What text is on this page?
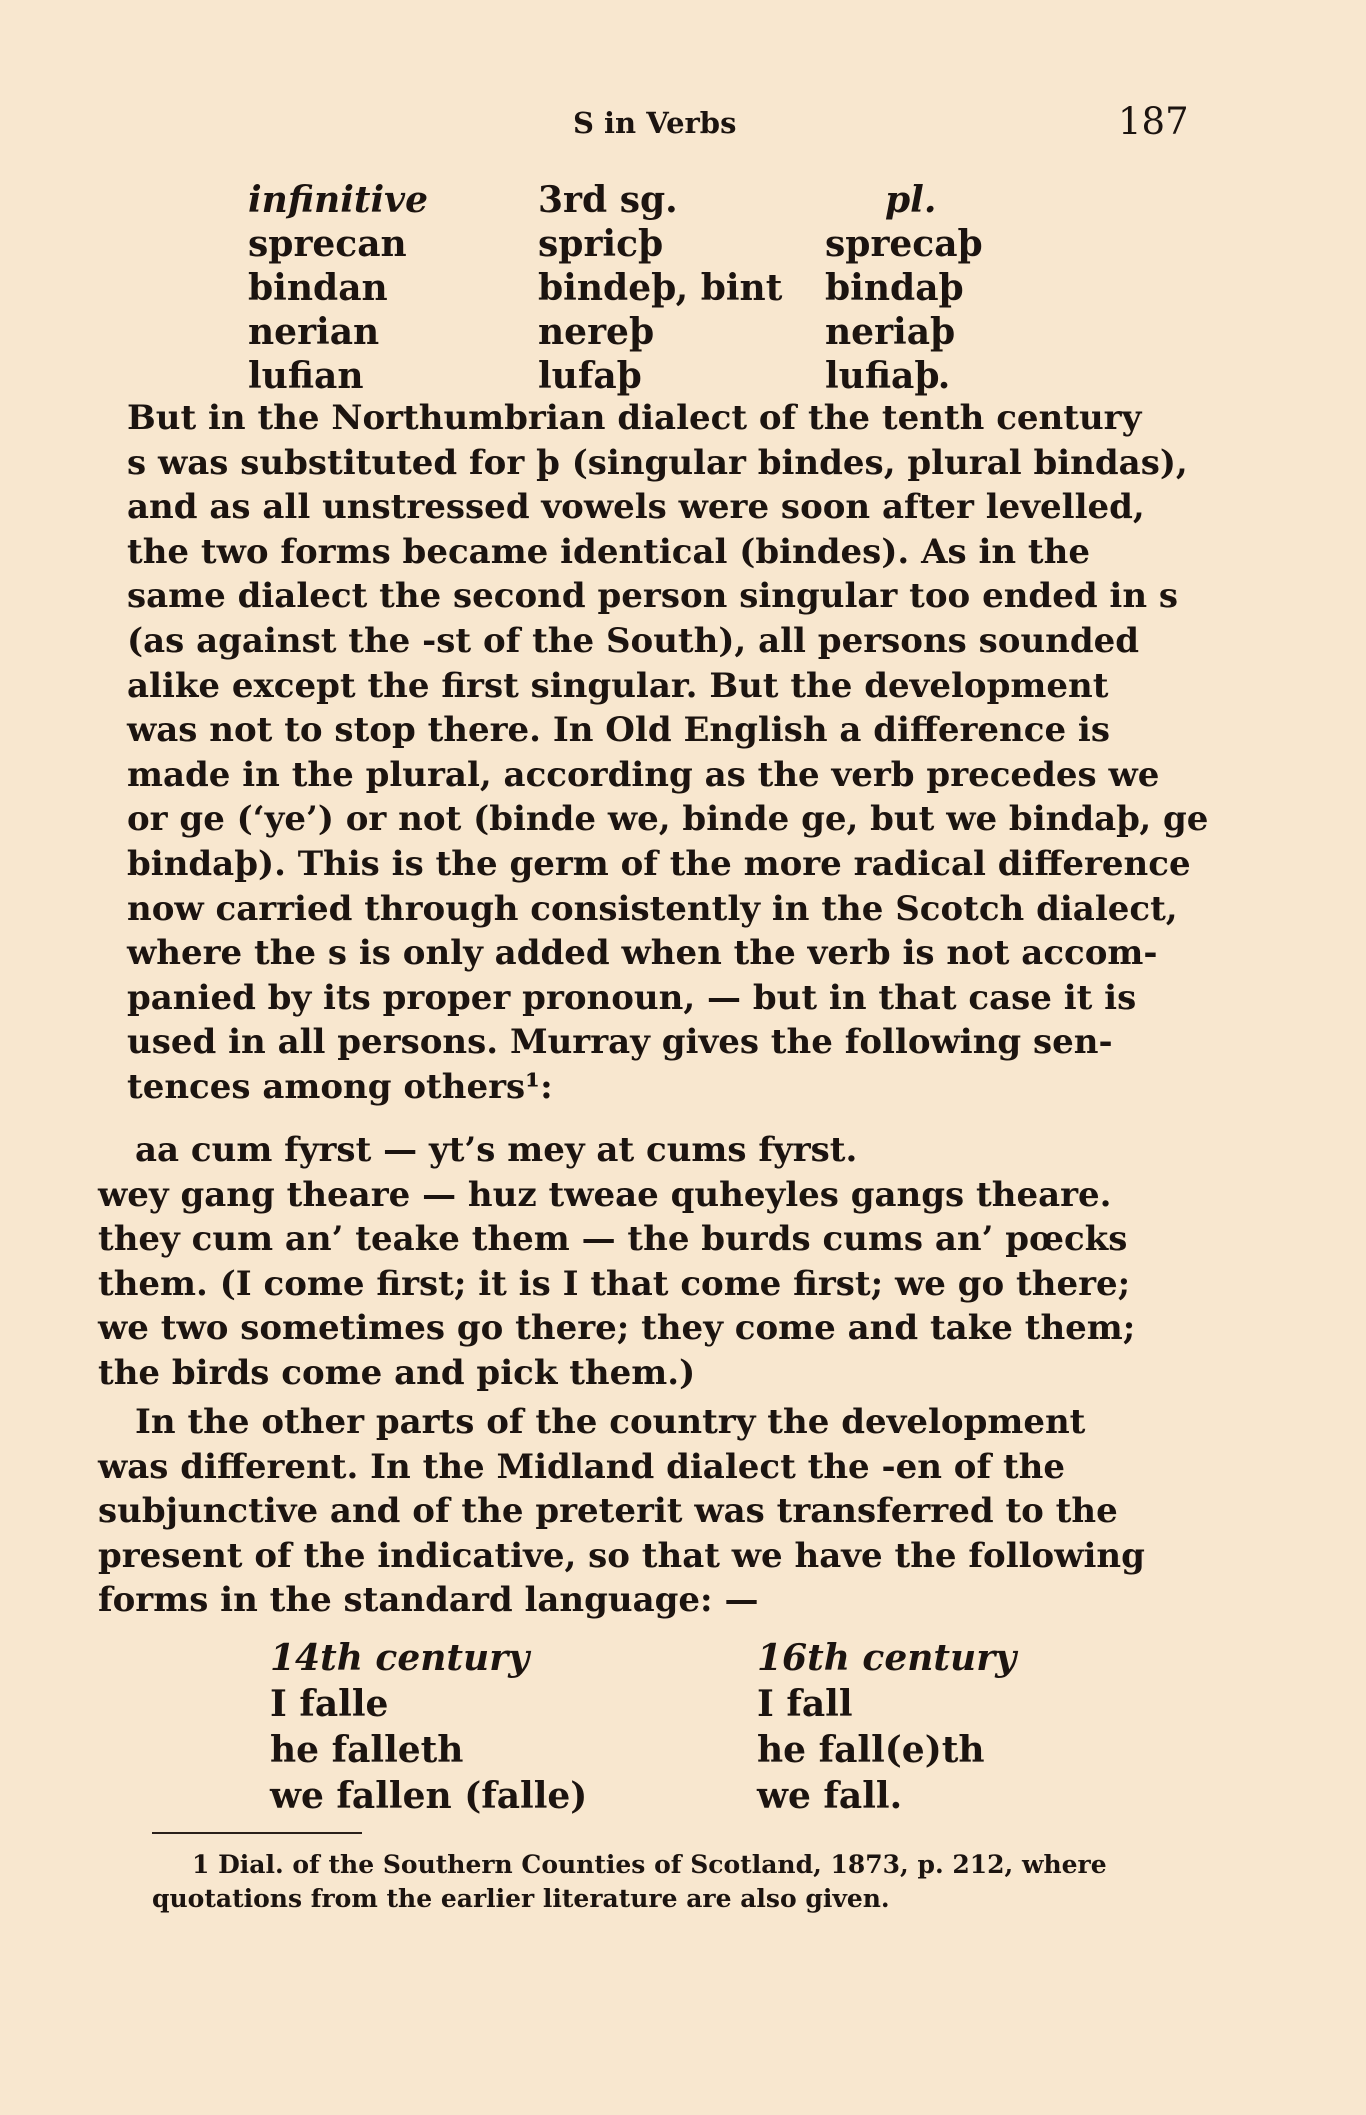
S in Verbs	187
infinitive	3rd sg.	pl.
sprecan	spricþ	sprecaþ
bindan	bindeþ, bint	bindaþ
nerian	nereþ	neriaþ
lufian	lufaþ	lufiaþ.
But in the Northumbrian dialect of the tenth century
s was substituted for þ (singular bindes, plural bindas),
and as all unstressed vowels were soon after levelled,
the two forms became identical (bindes). As in the
same dialect the second person singular too ended in s
(as against the -st of the South), all persons sounded
alike except the first singular. But the development
was not to stop there. In Old English a difference is
made in the plural, according as the verb precedes we
or ge (‘ye’) or not (binde we, binde ge, but we bindaþ, ge
bindaþ). This is the germ of the more radical difference
now carried through consistently in the Scotch dialect,
where the s is only added when the verb is not accom-
panied by its proper pronoun, — but in that case it is
used in all persons. Murray gives the following sen-
tences among others¹:
aa cum fyrst — yt’s mey at cums fyrst.
wey gang theare — huz tweae quheyles gangs theare.
they cum an’ teake them — the burds cums an’ pœcks
them. (I come first; it is I that come first; we go there;
we two sometimes go there; they come and take them;
the birds come and pick them.)
In the other parts of the country the development
was different. In the Midland dialect the -en of the
subjunctive and of the preterit was transferred to the
present of the indicative, so that we have the following
forms in the standard language: —
14th century	16th century
I falle	I fall
he falleth	he fall(e)th
we fallen (falle)	we fall.
1 Dial. of the Southern Counties of Scotland, 1873, p. 212, where
quotations from the earlier literature are also given.
